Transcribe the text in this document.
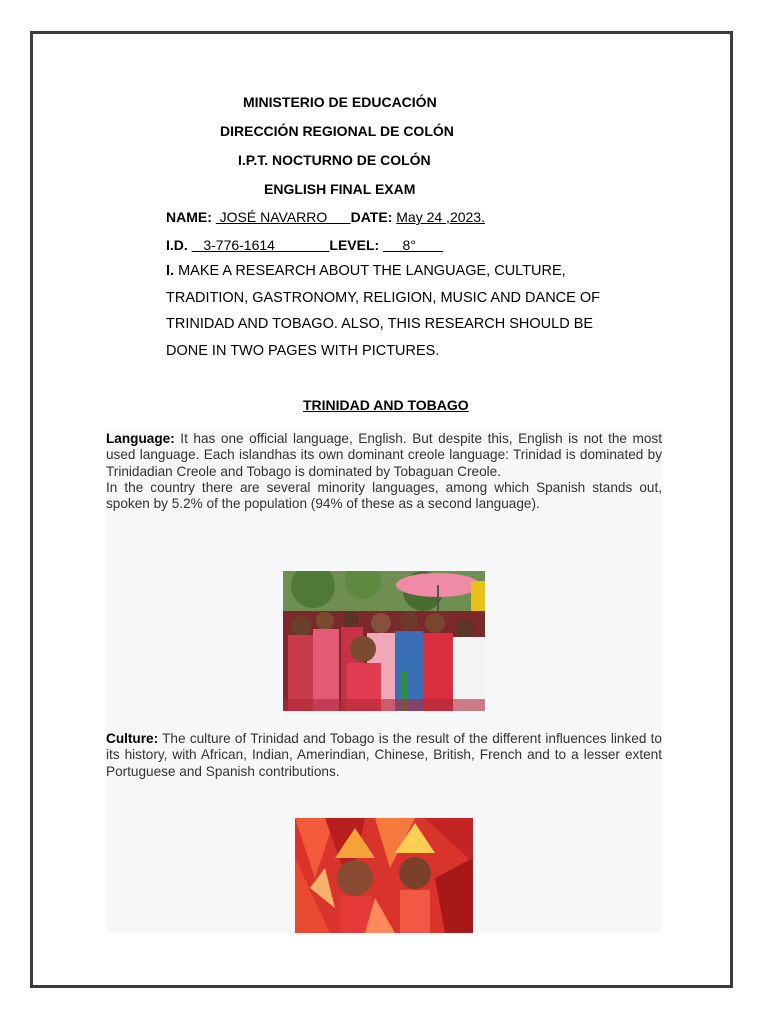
MINISTERIO DE EDUCACIÓN
DIRECCIÓN REGIONAL DE COLÓN
I.P.T. NOCTURNO DE COLÓN
ENGLISH FINAL EXAM
NAME:  JOSÉ NAVARRO      DATE: May 24 ,2023.
I.D.    3-776-1614              LEVEL:      8°
I. MAKE A RESEARCH ABOUT THE LANGUAGE, CULTURE, TRADITION, GASTRONOMY, RELIGION, MUSIC AND DANCE OF TRINIDAD AND TOBAGO. ALSO, THIS RESEARCH SHOULD BE DONE IN TWO PAGES WITH PICTURES.
TRINIDAD AND TOBAGO
Language: It has one official language, English. But despite this, English is not the most used language. Each islandhas its own dominant creole language: Trinidad is dominated by Trinidadian Creole and Tobago is dominated by Tobaguan Creole.
In the country there are several minority languages, among which Spanish stands out, spoken by 5.2% of the population (94% of these as a second language).
Culture: The culture of Trinidad and Tobago is the result of the different influences linked to its history, with African, Indian, Amerindian, Chinese, British, French and to a lesser extent Portuguese and Spanish contributions.
